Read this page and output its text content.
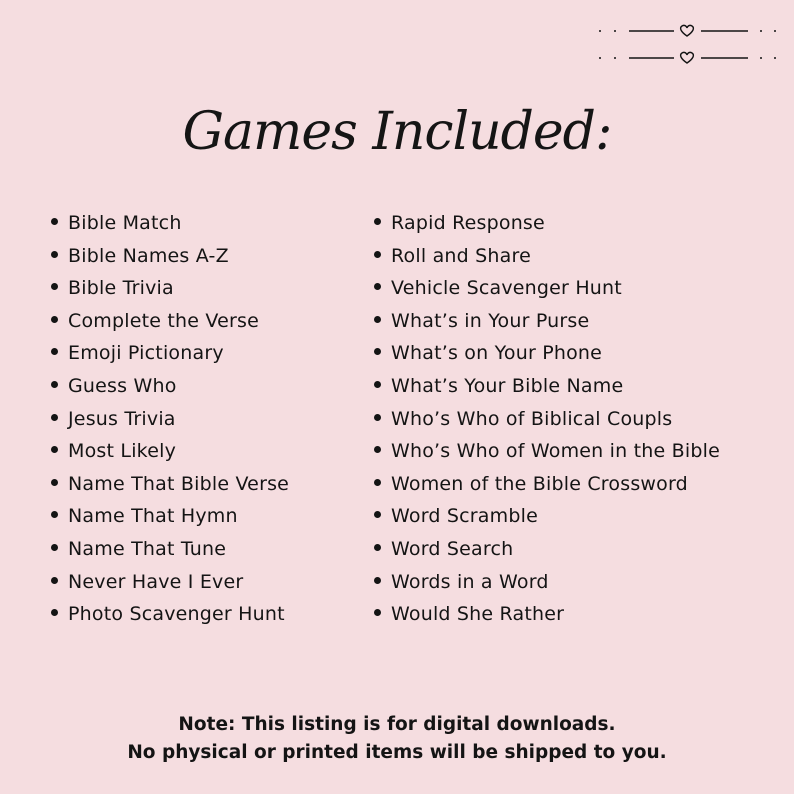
Games Included:
Bible Match
Bible Names A-Z
Bible Trivia
Complete the Verse
Emoji Pictionary
Guess Who
Jesus Trivia
Most Likely
Name That Bible Verse
Name That Hymn
Name That Tune
Never Have I Ever
Photo Scavenger Hunt
Rapid Response
Roll and Share
Vehicle Scavenger Hunt
What’s in Your Purse
What’s on Your Phone
What’s Your Bible Name
Who’s Who of Biblical Coupls
Who’s Who of Women in the Bible
Women of the Bible Crossword
Word Scramble
Word Search
Words in a Word
Would She Rather
Note: This listing is for digital downloads.
No physical or printed items will be shipped to you.
